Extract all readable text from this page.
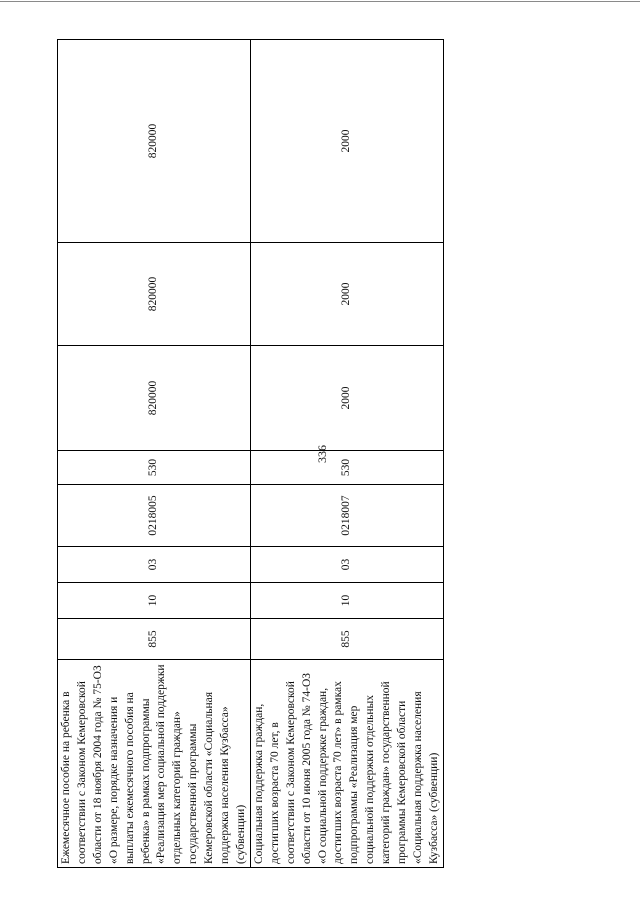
336
Ежемесячное пособие на ребенка в соответствии с Законом Кемеровской области от 18 ноября 2004 года № 75-ОЗ «О размере, порядке назначения и выплаты ежемесячного пособия на ребенка» в рамках подпрограммы «Реализация мер социальной поддержки отдельных категорий граждан» государственной программы Кемеровской области «Социальная поддержка населения Кузбасса» (субвенции)	855	10	03	0218005	530	820000	820000	820000
Социальная поддержка граждан, достигших возраста 70 лет, в соответствии с Законом Кемеровской области от 10 июня 2005 года № 74-ОЗ «О социальной поддержке граждан, достигших возраста 70 лет» в рамках подпрограммы «Реализация мер социальной поддержки отдельных категорий граждан» государственной программы Кемеровской области «Социальная поддержка населения Кузбасса» (субвенции)	855	10	03	0218007	530	2000	2000	2000
